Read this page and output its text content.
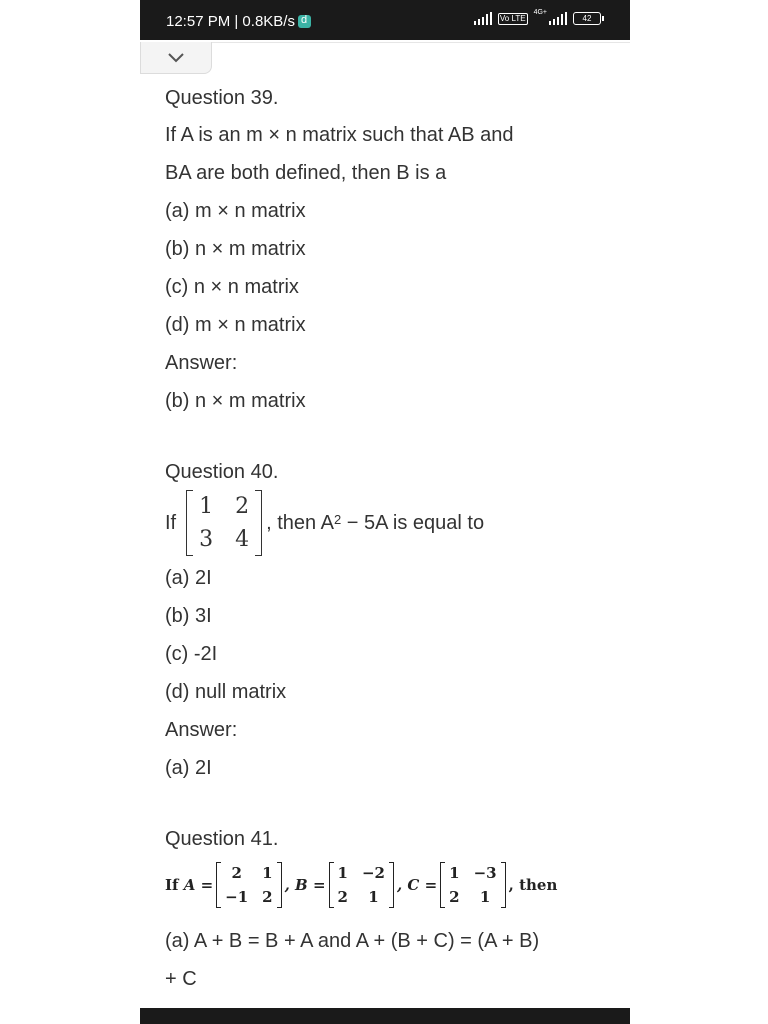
12:57 PM | 0.8KB/s d	Vo LTE
4G+
42
Question 39.
If A is an m × n matrix such that AB and
BA are both defined, then B is a
(a) m × n matrix
(b) n × m matrix
(c) n × n matrix
(d) m × n matrix
Answer:
(b) n × m matrix
Question 40.
If
1 2
3 4
, then $A^2 - 5A$ is equal to
(a) 2I
(b) 3I
(c) -2I
(d) null matrix
Answer:
(a) 2I
Question 41.
If
A =
2	1
−1 2
, B =
1 −2
2	1
, C =
1 −3
2	1
, then
(a) A + B = B + A and A + (B + C) = (A + B)
+ C
